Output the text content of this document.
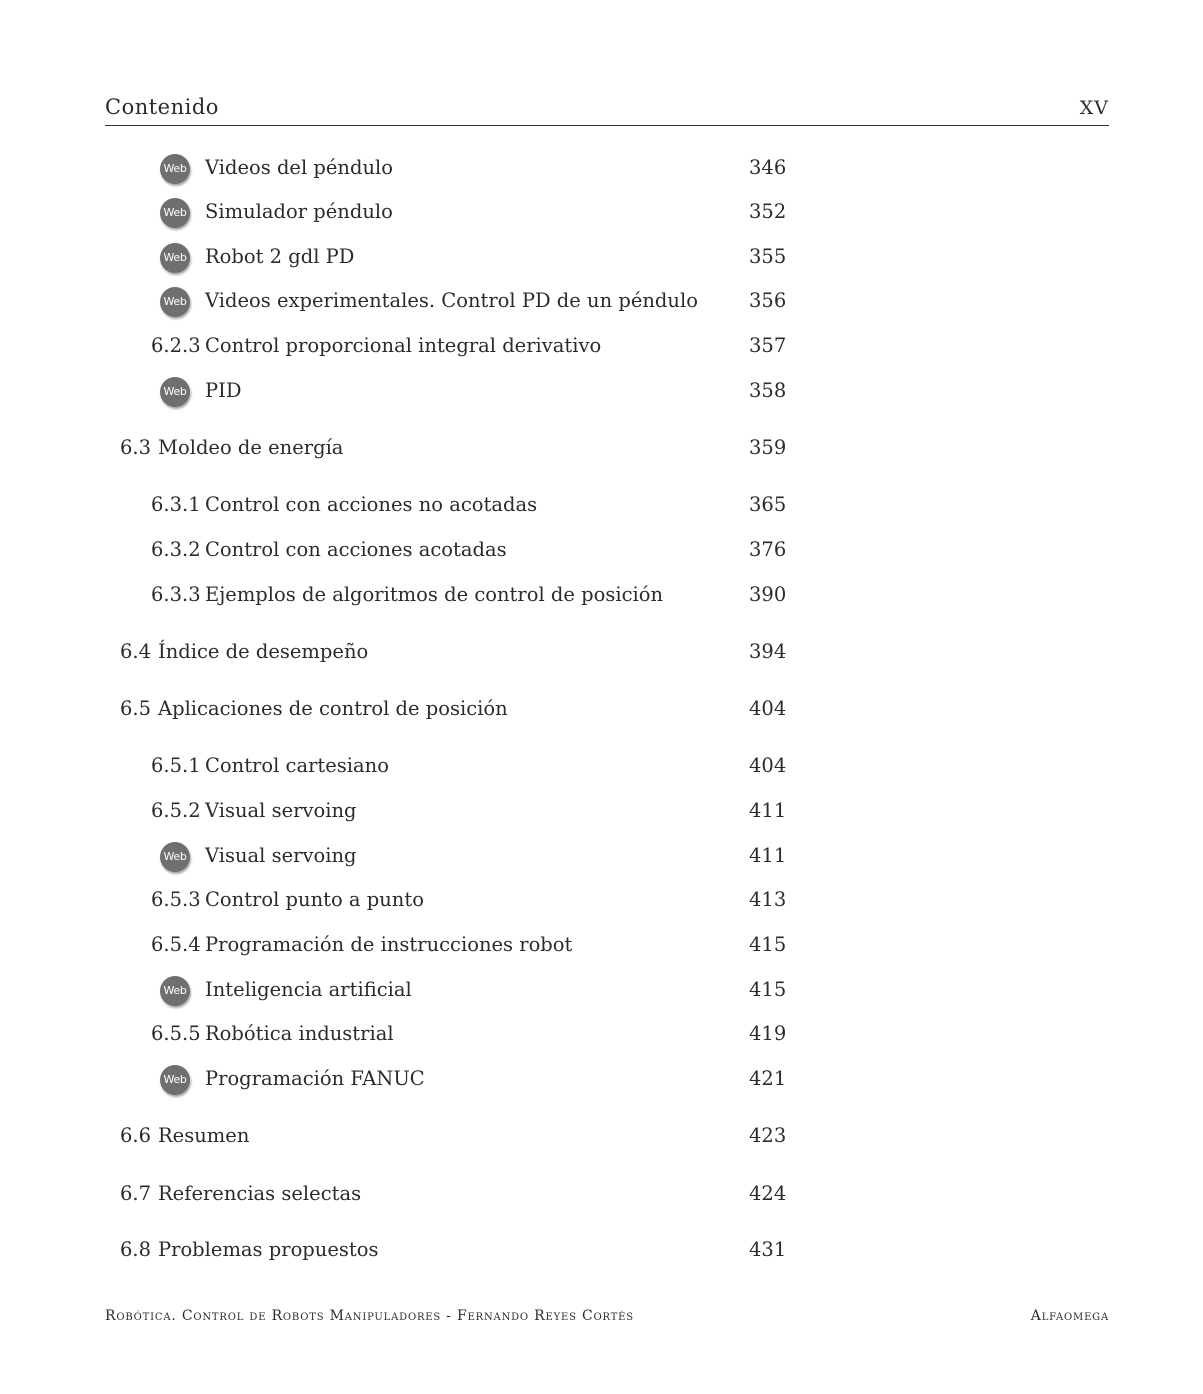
Contenido	XV
Web Videos del péndulo	346
Web Simulador péndulo	352
Web Robot 2 gdl PD	355
Web Videos experimentales. Control PD de un péndulo	356
6.2.3 Control proporcional integral derivativo	357
Web PID	358
6.3 Moldeo de energía	359
6.3.1 Control con acciones no acotadas	365
6.3.2 Control con acciones acotadas	376
6.3.3 Ejemplos de algoritmos de control de posición	390
6.4 Índice de desempeño	394
6.5 Aplicaciones de control de posición	404
6.5.1 Control cartesiano	404
6.5.2 Visual servoing	411
Web Visual servoing	411
6.5.3 Control punto a punto	413
6.5.4 Programación de instrucciones robot	415
Web Inteligencia artificial	415
6.5.5 Robótica industrial	419
Web Programación FANUC	421
6.6 Resumen	423
6.7 Referencias selectas	424
6.8 Problemas propuestos	431
Robótica. Control de Robots Manipuladores - Fernando Reyes Cortés	Alfaomega
